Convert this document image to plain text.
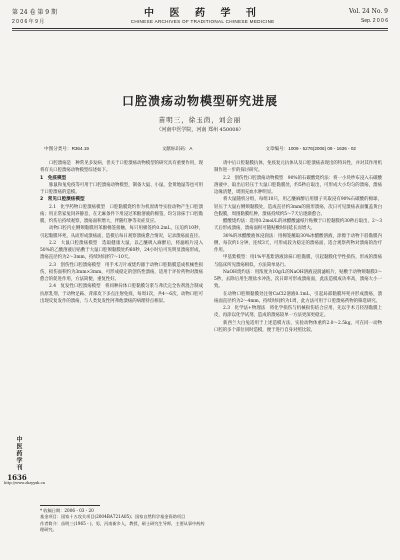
第 24 卷 第 9 期	中 医 药 学 刊	Vol. 24 No. 9
2 0 0 6 年 9 月	CHINESE ARCHIVES OF TRADITIONAL CHINESE MEDICINE	Sep. 2 0 0 6
口腔溃疡动物模型研究进展
苗明三，徐玉茵，刘会丽
（河南中医学院，河南 郑州 450008）
中图分类号：R364.19	文献标识码：A	文章编号：1009 - 5276(2006) 09 - 1636 - 02

口腔溃疡是　种常见多发病，但关于口腔溃疡动物模型的研究具有重要作用，现将有关口腔溃疡动物模型综述如下。

1　免疫模型

豚鼠和兔免疫等可用于口腔溃疡动物模型，制备大鼠、小鼠，金黄地鼠等也可用于口腔溃疡的造模。

2　常见口腔溃疡模型

2.1　化学药物口腔溃疡模型　口腔黏膜烧灼作为机原诱导实验动物产生口腔溃疡；用正常家兔饲养静息，在无麻条件下用浸过苯酚溶液的棉签，均匀涂抹于口腔黏膜，灼伤后持续观察，溃疡面积增大，伴随红肿等炎症反应。

动物口腔内左侧颊黏膜用苯酚棉签接触，每只用棉签约0.2mL，压迫约10秒，引起黏膜坏死，从而形成溃疡面，造模后每日观察溃疡愈合情况，记录溃疡面直径。

2.2　大鼠口腔溃疡模型　选取健康大鼠，以乙醚吸入麻醉后，将滤纸片浸入50%的乙酸溶液后贴敷于大鼠口腔颊黏膜处约60秒，24小时后可见明显溃疡形成，溃疡直径约为2～3mm，持续时间约7～10天。

2.3　创伤性口腔溃疡模型　用手术刀片或烧灼器于动物口腔黏膜造成机械性损伤，损伤面积约为3mm×3mm，可形成稳定的创伤性溃疡，适用于评价药物对溃疡愈合的促进作用，方法简便，重复性好。

2.4　复发性口腔溃疡模型　将同种异体口腔黏膜匀浆与弗氏完全佐剂混合制成抗原乳剂，于动物足跖、背部皮下多点注射免疫，每周1次，共4～6次，动物口腔可出现反复发作的溃疡，与人类复发性阿弗他溃疡的病理特点相似。

请中后口腔黏膜抗体，免疫复元抗体从及口腔溃疡表现出的特异性，并对其作用机制作进一步的探讨研究。

2.2　创伤性口腔溃疡动物模型　90%的石碳酸烧灼法：将一小块纱布浸入石碳酸溶液中，取出后轻压于大鼠口腔黏膜处，约5秒后取出，可形成大小均匀的溃疡，溃疡边缘清楚，周围充血水肿明显。

将大鼠随机分组，每组10只，用乙醚麻醉后用镊子夹取浸有90%石碳酸的棉球，轻压于大鼠右侧颊黏膜处，造成直径约3mm的圆形溃疡，次日可见溃疡表面覆盖黄白色假膜，周围黏膜红肿，溃疡持续约5～7天后逐渐愈合。

醋酸烧灼法：选用0.2mol/L的冰醋酸滤纸片贴敷于口腔黏膜约30秒后取出，2～3天后形成溃疡，溃疡面积可随贴敷时间延长而增大。

30%的冰醋酸液体浸润法：用棉签蘸取30%冰醋酸溶液，涂擦于动物下唇黏膜内侧，每次约1分钟，连续3天，可形成较为稳定的溃疡面，适合观察药物对溃疡的治疗作用。

甲基紫模型：用1%甲基紫溶液涂抹口腔黏膜，引起黏膜化学性损伤，形成的溃疡与临床所见溃疡相似，方法简单易行。

NaOH烧灼法：用浓度为10g/L的NaOH溶液浸润滤纸片，贴敷于动物颊黏膜3～5秒，去除后用生理盐水冲洗，次日即可形成溃疡面，此法造模成功率高，溃疡大小一致。

在动物口腔颊黏膜处注射CaCl2溶液0.1mL，引起局部黏膜坏死并形成溃疡，溃疡面直径约为2～4mm，持续时间约为1周，此方法可用于口腔溃疡药物的筛选研究。

2.3　化学法+物理法　将化学损伤与机械损伤结合应用，先以手术刀轻刮黏膜上皮，再涂以化学试剂，造成的溃疡较单一方法更深更稳定。

新西兰大白兔适用于上述造模方法，实验动物体重约2.0～2.5kg，可在同一动物口腔的多个部位同时造模，便于进行自身对照比较。

* 收稿日期：2006 - 03 - 20
基金项目：国家十五攻关项目(2004BA721A05)；国家自然科学基金资助项目
作者简介：苗明三(1965 - )，男，河南新乡人，教授，硕士研究生导师，主要从事中药药理研究。
中医药学刊
1636
http://www.zhzyyxk.cn
